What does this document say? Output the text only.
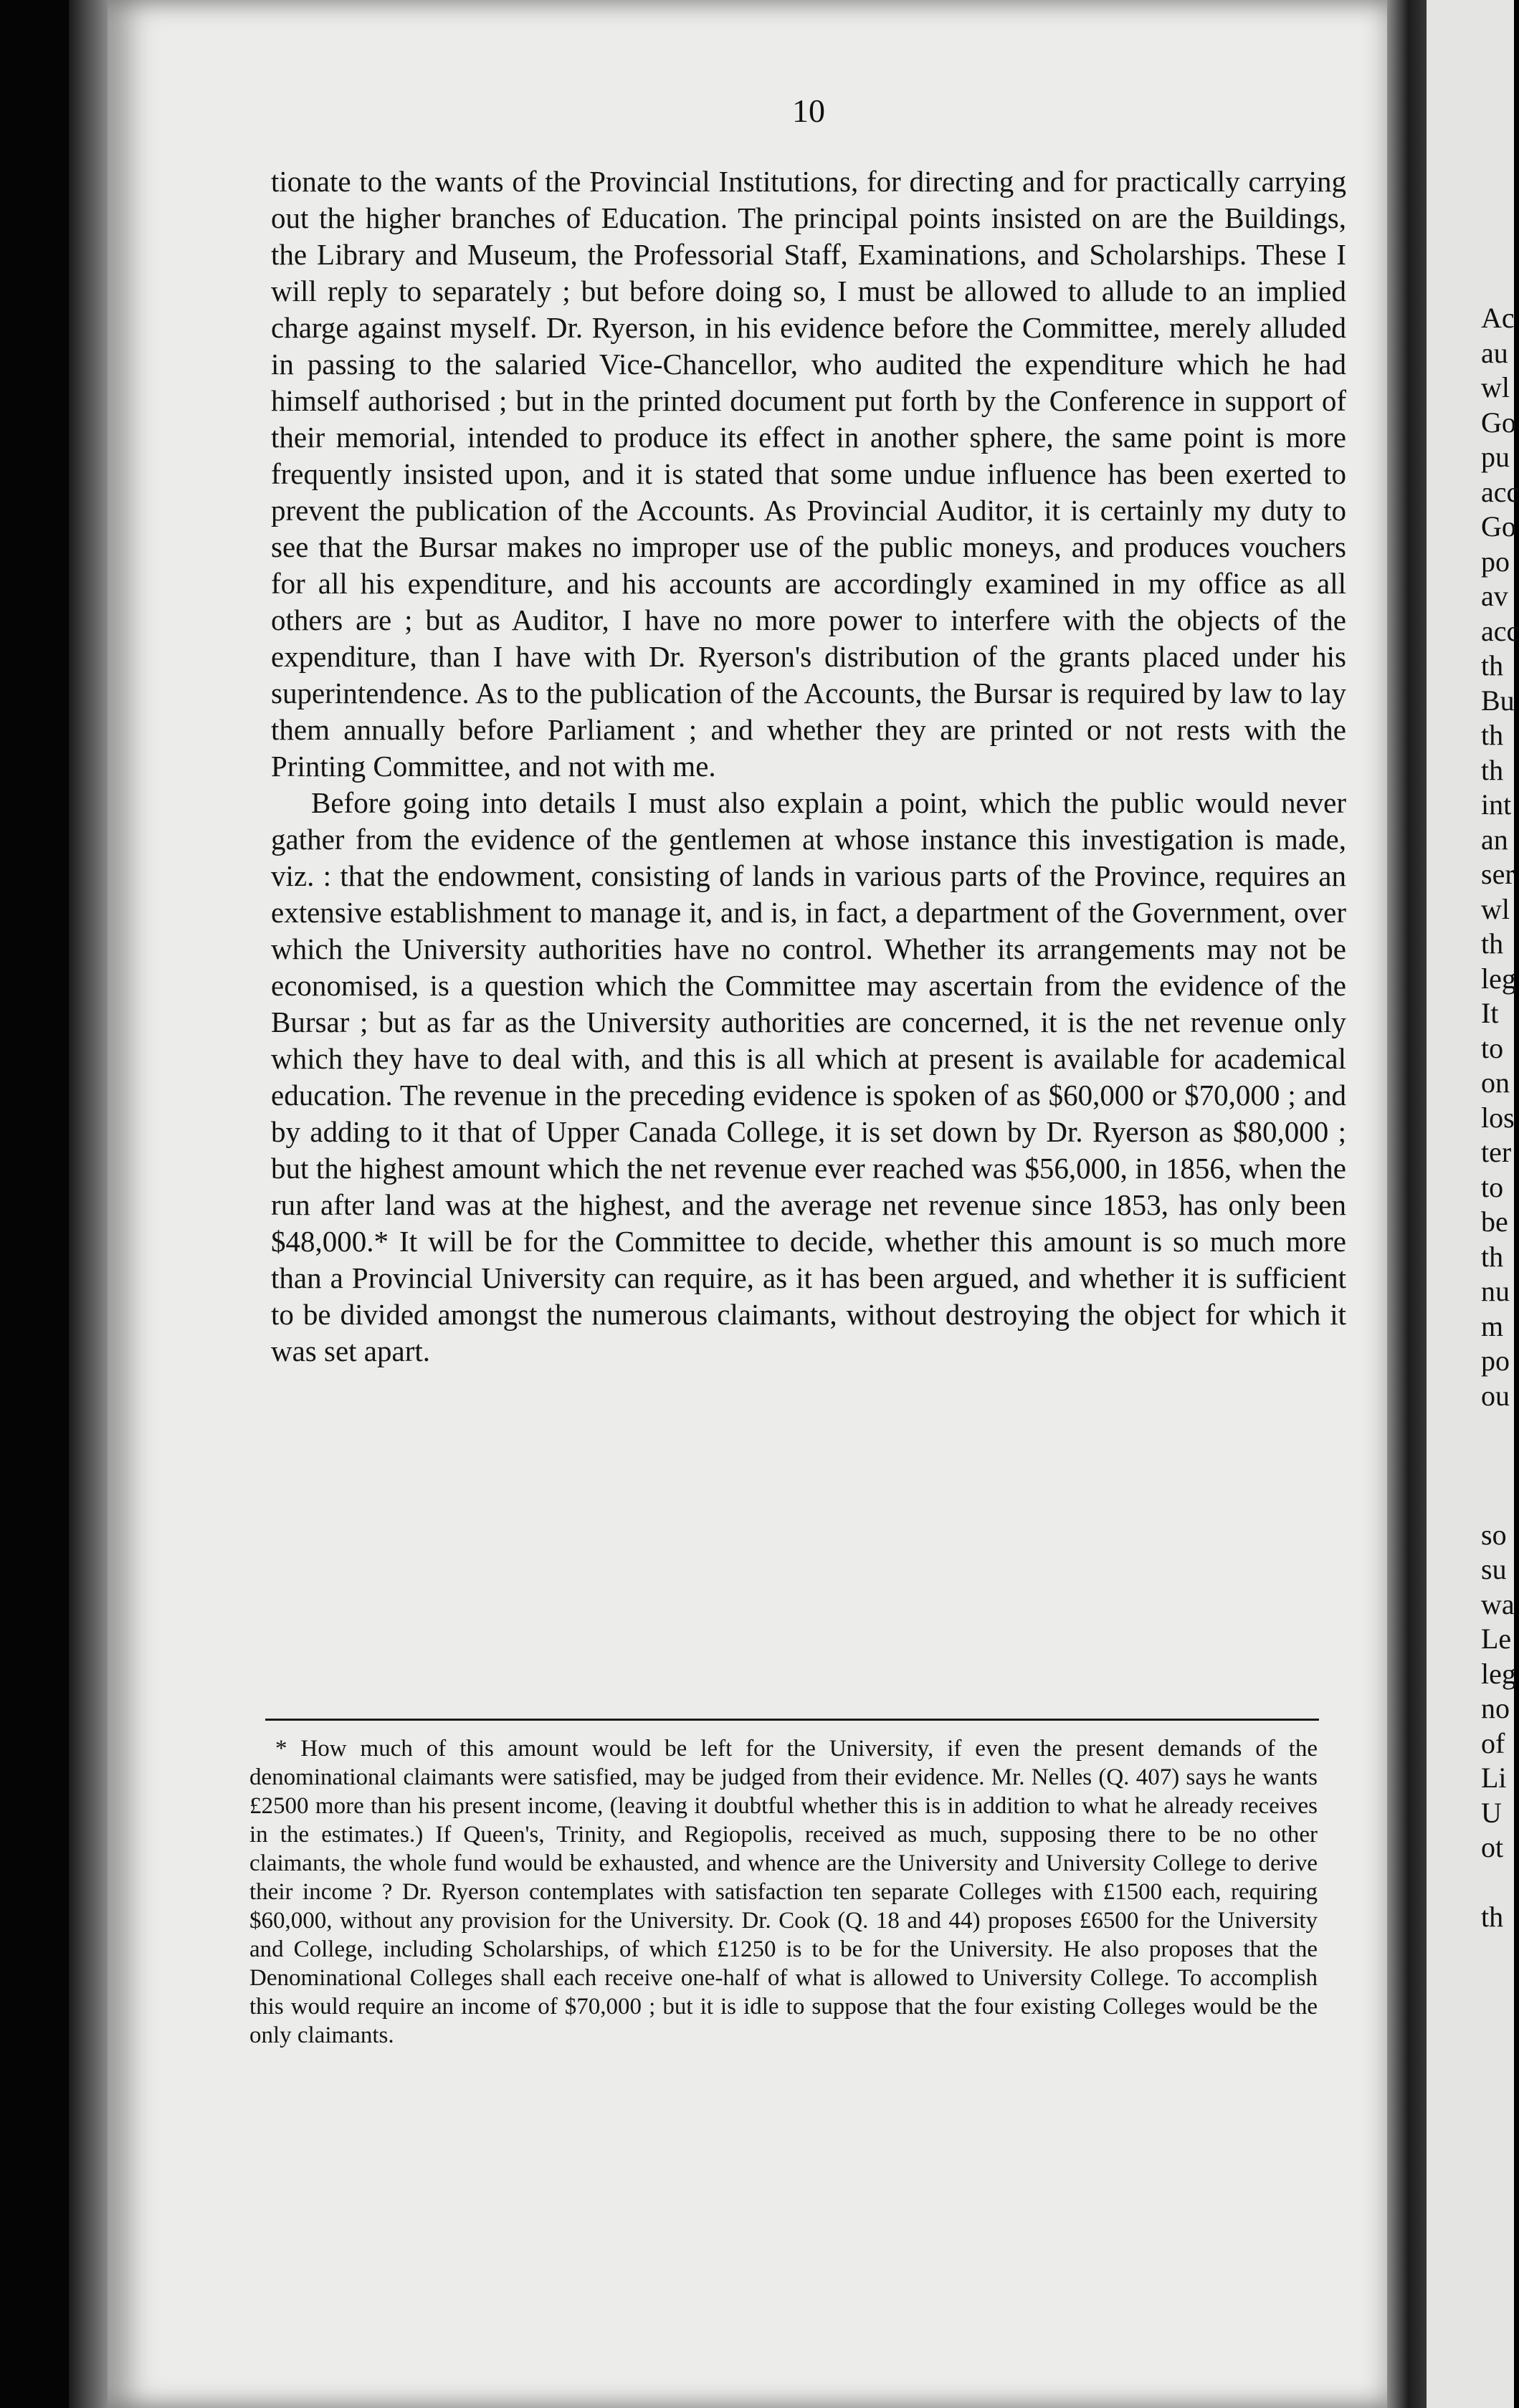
10

tionate to the wants of the Provincial Institutions, for directing and for practically carrying out the higher branches of Education. The principal points insisted on are the Buildings, the Library and Museum, the Professorial Staff, Examinations, and Scholarships. These I will reply to separately ; but before doing so, I must be allowed to allude to an implied charge against myself. Dr. Ryerson, in his evidence before the Committee, merely alluded in passing to the salaried Vice-Chancellor, who audited the expenditure which he had himself authorised ; but in the printed document put forth by the Conference in support of their memorial, intended to produce its effect in another sphere, the same point is more frequently insisted upon, and it is stated that some undue influence has been exerted to prevent the publication of the Accounts. As Provincial Auditor, it is certainly my duty to see that the Bursar makes no improper use of the public moneys, and produces vouchers for all his expenditure, and his accounts are accordingly examined in my office as all others are ; but as Auditor, I have no more power to interfere with the objects of the expenditure, than I have with Dr. Ryerson's distribution of the grants placed under his superintendence. As to the publication of the Accounts, the Bursar is required by law to lay them annually before Parliament ; and whether they are printed or not rests with the Printing Committee, and not with me.

Before going into details I must also explain a point, which the public would never gather from the evidence of the gentlemen at whose instance this investigation is made, viz. : that the endowment, consisting of lands in various parts of the Province, requires an extensive establishment to manage it, and is, in fact, a department of the Government, over which the University authorities have no control. Whether its arrangements may not be economised, is a question which the Committee may ascertain from the evidence of the Bursar ; but as far as the University authorities are concerned, it is the net revenue only which they have to deal with, and this is all which at present is available for academical education. The revenue in the preceding evidence is spoken of as $60,000 or $70,000 ; and by adding to it that of Upper Canada College, it is set down by Dr. Ryerson as $80,000 ; but the highest amount which the net revenue ever reached was $56,000, in 1856, when the run after land was at the highest, and the average net revenue since 1853, has only been $48,000.* It will be for the Committee to decide, whether this amount is so much more than a Provincial University can require, as it has been argued, and whether it is sufficient to be divided amongst the numerous claimants, without destroying the object for which it was set apart.

* How much of this amount would be left for the University, if even the present demands of the denominational claimants were satisfied, may be judged from their evidence. Mr. Nelles (Q. 407) says he wants £2500 more than his present income, (leaving it doubtful whether this is in addition to what he already receives in the estimates.) If Queen's, Trinity, and Regiopolis, received as much, supposing there to be no other claimants, the whole fund would be exhausted, and whence are the University and University College to derive their income ? Dr. Ryerson contemplates with satisfaction ten separate Colleges with £1500 each, requiring $60,000, without any provision for the University. Dr. Cook (Q. 18 and 44) proposes £6500 for the University and College, including Scholarships, of which £1250 is to be for the University. He also proposes that the Denominational Colleges shall each receive one-half of what is allowed to University College. To accomplish this would require an income of $70,000 ; but it is idle to suppose that the four existing Colleges would be the only claimants.
Ac
au
wl
Go
pu
acc
Go
po
av
acc
th
Bu
th
th
int
an
ser
wl
th
leg
It
to
on
los
ter
to
be
th
nu
m
po
ou

so
su
wa
Le
leg
no
of
Li
U
ot

th
